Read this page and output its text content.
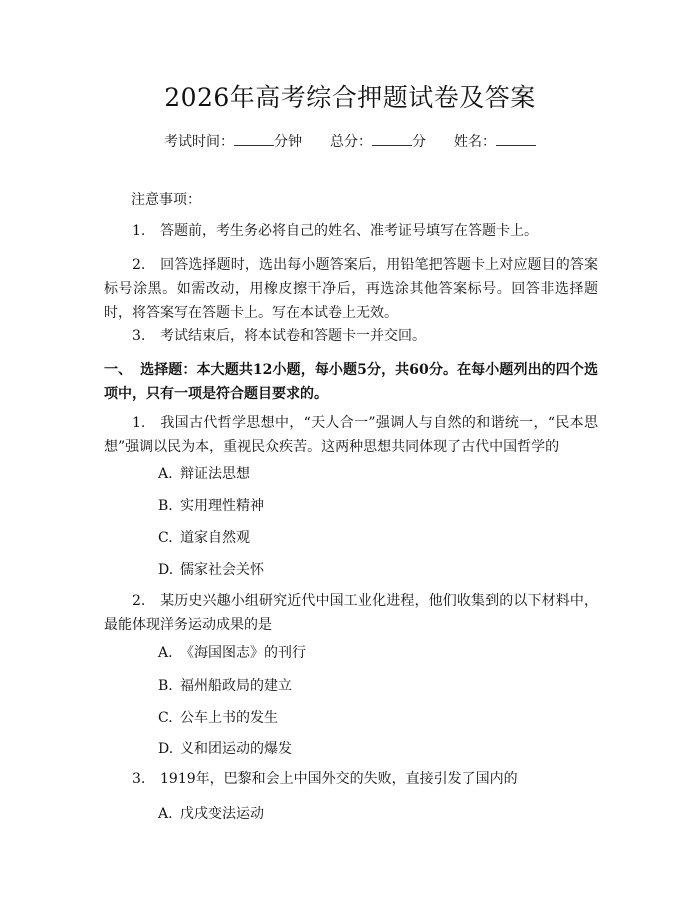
2026年高考综合押题试卷及答案
考试时间：	分钟 总分：	分 姓名：
注意事项：
1. 答题前，考生务必将自己的姓名、准考证号填写在答题卡上。
2. 回答选择题时，选出每小题答案后，用铅笔把答题卡上对应题目的答案标号涂黑。如需改动，用橡皮擦干净后，再选涂其他答案标号。回答非选择题时，将答案写在答题卡上。写在本试卷上无效。
3. 考试结束后，将本试卷和答题卡一并交回。
一、 选择题：本大题共12小题，每小题5分，共60分。在每小题列出的四个选项中，只有一项是符合题目要求的。
1. 我国古代哲学思想中，“天人合一”强调人与自然的和谐统一，“民本思想”强调以民为本，重视民众疾苦。这两种思想共同体现了古代中国哲学的
A. 辩证法思想
B. 实用理性精神
C. 道家自然观
D. 儒家社会关怀
2. 某历史兴趣小组研究近代中国工业化进程，他们收集到的以下材料中，最能体现洋务运动成果的是
A. 《海国图志》的刊行
B. 福州船政局的建立
C. 公车上书的发生
D. 义和团运动的爆发
3. 1919年，巴黎和会上中国外交的失败，直接引发了国内的
A. 戊戌变法运动
